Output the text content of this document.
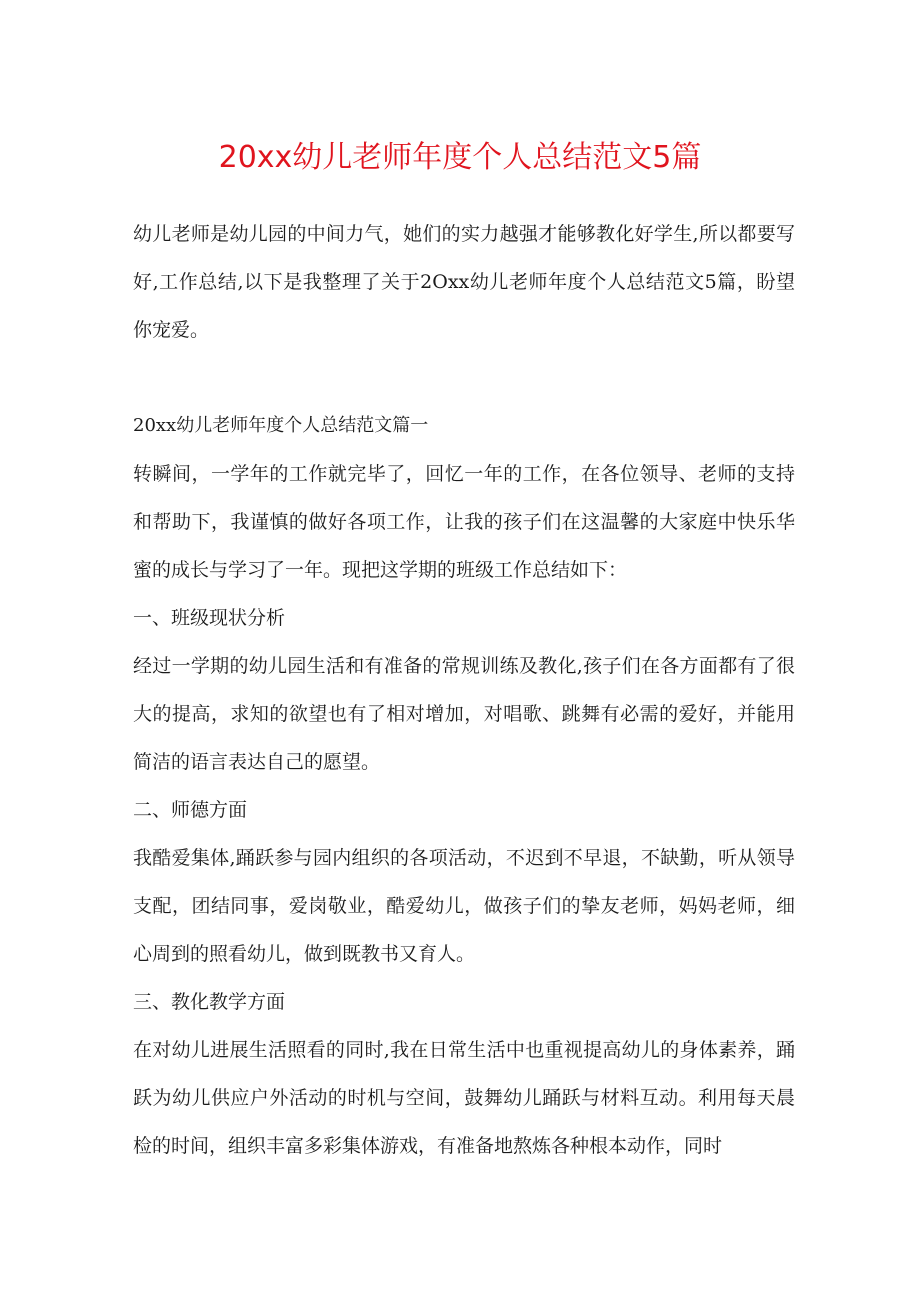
20xx幼儿老师年度个人总结范文5篇

幼儿老师是幼儿园的中间力气，她们的实力越强才能够教化好学生,所以都要写好,工作总结,以下是我整理了关于2Oxx幼儿老师年度个人总结范文5篇，盼望你宠爱。

20xx幼儿老师年度个人总结范文篇一

转瞬间，一学年的工作就完毕了，回忆一年的工作，在各位领导、老师的支持和帮助下，我谨慎的做好各项工作，让我的孩子们在这温馨的大家庭中快乐华蜜的成长与学习了一年。现把这学期的班级工作总结如下：

一、班级现状分析

经过一学期的幼儿园生活和有准备的常规训练及教化,孩子们在各方面都有了很大的提高，求知的欲望也有了相对增加，对唱歌、跳舞有必需的爱好，并能用简洁的语言表达自己的愿望。

二、师德方面

我酷爱集体,踊跃参与园内组织的各项活动，不迟到不早退，不缺勤，听从领导支配，团结同事，爱岗敬业，酷爱幼儿，做孩子们的挚友老师，妈妈老师，细心周到的照看幼儿，做到既教书又育人。

三、教化教学方面

在对幼儿进展生活照看的同时,我在日常生活中也重视提高幼儿的身体素养，踊跃为幼儿供应户外活动的时机与空间，鼓舞幼儿踊跃与材料互动。利用每天晨检的时间，组织丰富多彩集体游戏，有准备地熬炼各种根本动作，同时
